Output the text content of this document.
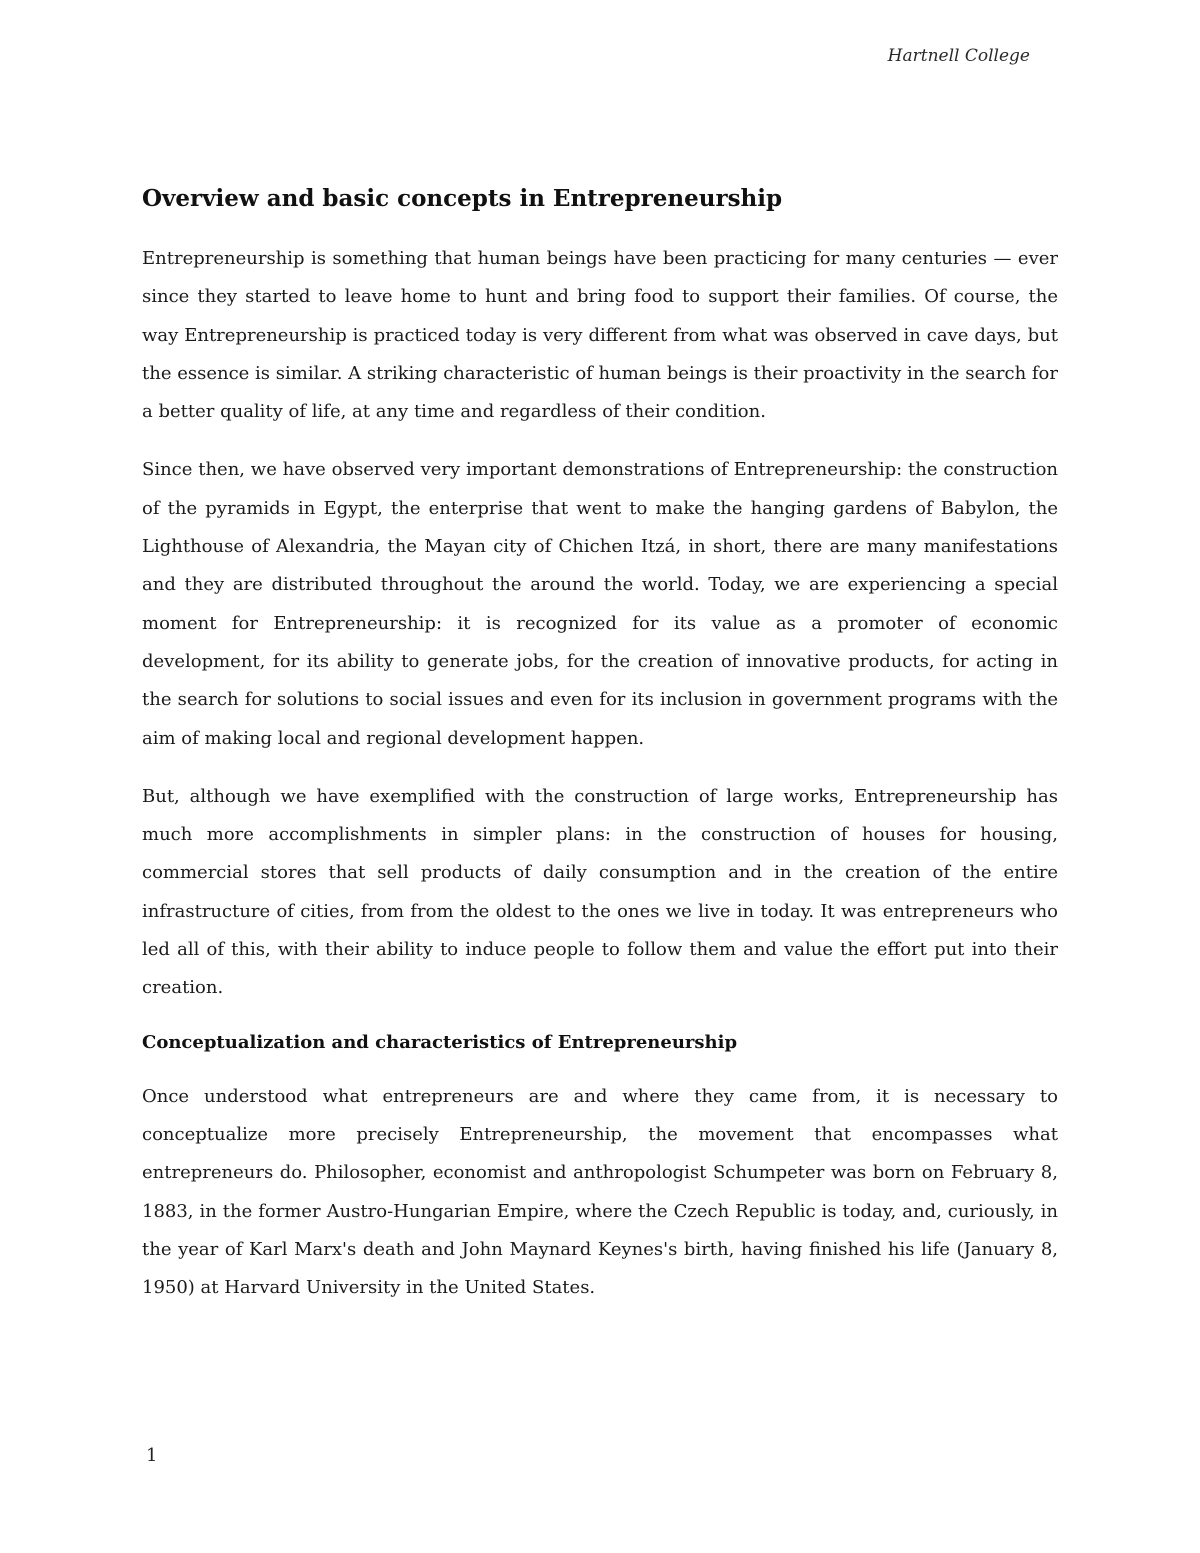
Hartnell College
Overview and basic concepts in Entrepreneurship

Entrepreneurship is something that human beings have been practicing for many centuries — ever since they started to leave home to hunt and bring food to support their families. Of course, the way Entrepreneurship is practiced today is very different from what was observed in cave days, but the essence is similar. A striking characteristic of human beings is their proactivity in the search for a better quality of life, at any time and regardless of their condition.

Since then, we have observed very important demonstrations of Entrepreneurship: the construction of the pyramids in Egypt, the enterprise that went to make the hanging gardens of Babylon, the Lighthouse of Alexandria, the Mayan city of Chichen Itzá, in short, there are many manifestations and they are distributed throughout the around the world. Today, we are experiencing a special moment for Entrepreneurship: it is recognized for its value as a promoter of economic development, for its ability to generate jobs, for the creation of innovative products, for acting in the search for solutions to social issues and even for its inclusion in government programs with the aim of making local and regional development happen.

But, although we have exemplified with the construction of large works, Entrepreneurship has much more accomplishments in simpler plans: in the construction of houses for housing, commercial stores that sell products of daily consumption and in the creation of the entire infrastructure of cities, from from the oldest to the ones we live in today. It was entrepreneurs who led all of this, with their ability to induce people to follow them and value the effort put into their creation.

Conceptualization and characteristics of Entrepreneurship

Once understood what entrepreneurs are and where they came from, it is necessary to conceptualize more precisely Entrepreneurship, the movement that encompasses what entrepreneurs do. Philosopher, economist and anthropologist Schumpeter was born on February 8, 1883, in the former Austro-Hungarian Empire, where the Czech Republic is today, and, curiously, in the year of Karl Marx's death and John Maynard Keynes's birth, having finished his life (January 8, 1950) at Harvard University in the United States.

1
